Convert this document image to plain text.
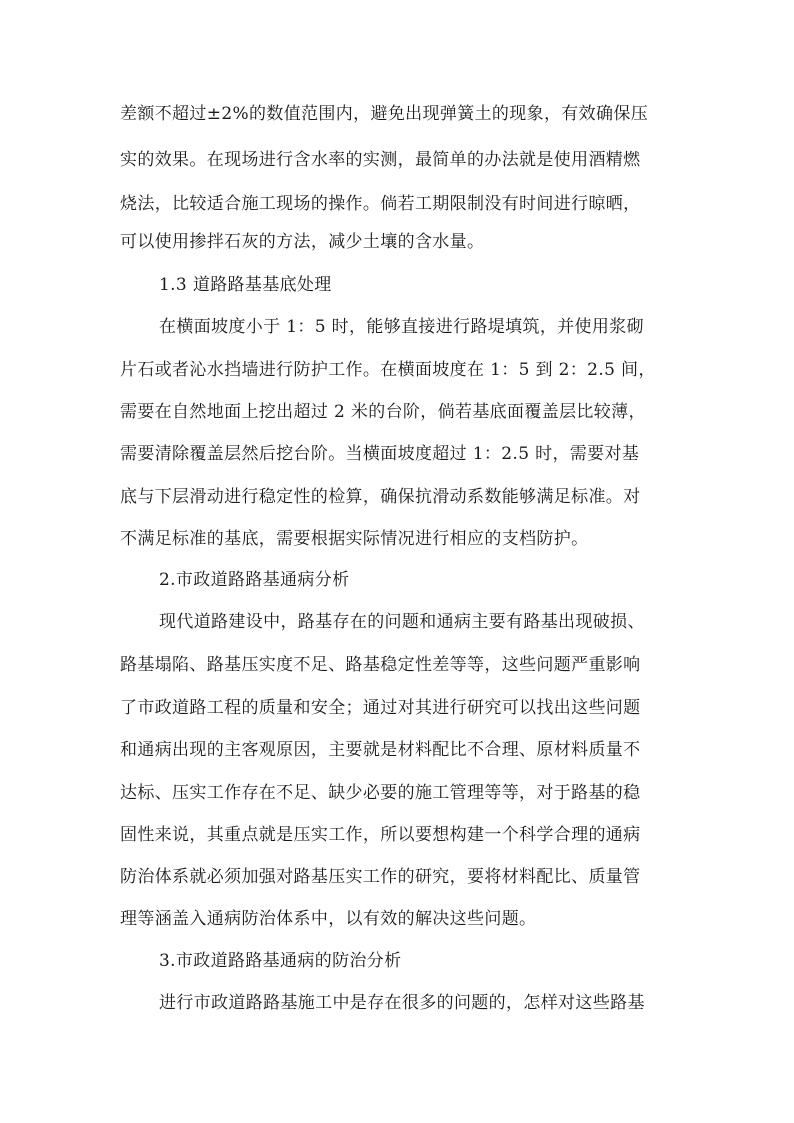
差额不超过±2%的数值范围内，避免出现弹簧土的现象，有效确保压
实的效果。在现场进行含水率的实测，最简单的办法就是使用酒精燃
烧法，比较适合施工现场的操作。倘若工期限制没有时间进行晾晒，
可以使用掺拌石灰的方法，减少土壤的含水量。
1.3 道路路基基底处理
在横面坡度小于 1：5 时，能够直接进行路堤填筑，并使用浆砌
片石或者沁水挡墙进行防护工作。在横面坡度在 1：5 到 2：2.5 间，
需要在自然地面上挖出超过 2 米的台阶，倘若基底面覆盖层比较薄，
需要清除覆盖层然后挖台阶。当横面坡度超过 1：2.5 时，需要对基
底与下层滑动进行稳定性的检算，确保抗滑动系数能够满足标准。对
不满足标准的基底，需要根据实际情况进行相应的支档防护。
2.市政道路路基通病分析
现代道路建设中，路基存在的问题和通病主要有路基出现破损、
路基塌陷、路基压实度不足、路基稳定性差等等，这些问题严重影响
了市政道路工程的质量和安全；通过对其进行研究可以找出这些问题
和通病出现的主客观原因，主要就是材料配比不合理、原材料质量不
达标、压实工作存在不足、缺少必要的施工管理等等，对于路基的稳
固性来说，其重点就是压实工作，所以要想构建一个科学合理的通病
防治体系就必须加强对路基压实工作的研究，要将材料配比、质量管
理等涵盖入通病防治体系中，以有效的解决这些问题。
3.市政道路路基通病的防治分析
进行市政道路路基施工中是存在很多的问题的，怎样对这些路基
